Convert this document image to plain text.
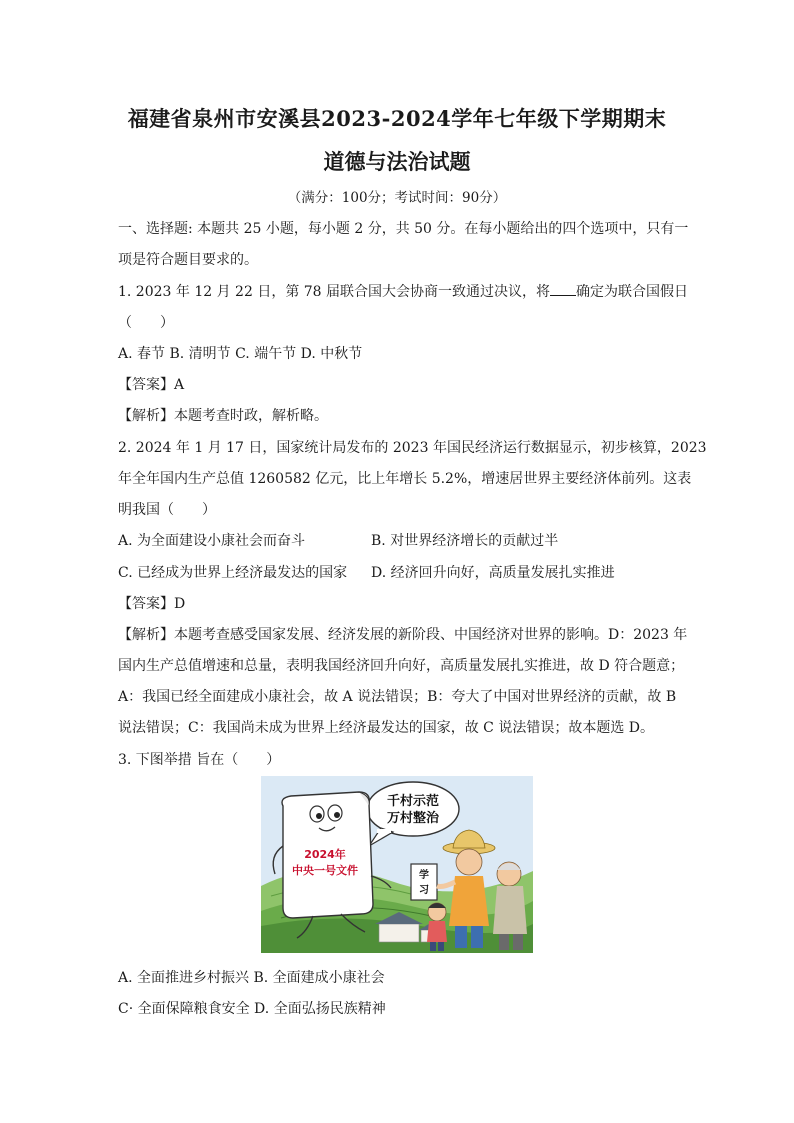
福建省泉州市安溪县2023-2024学年七年级下学期期末
道德与法治试题
（满分：100分；考试时间：90分）
一、选择题: 本题共 25 小题，每小题 2 分，共 50 分。在每小题给出的四个选项中，只有一
项是符合题目要求的。
1. 2023 年 12 月 22 日，第 78 届联合国大会协商一致通过决议，将 确定为联合国假日
（　　）
A. 春节 B. 清明节 C. 端午节 D. 中秋节
【答案】A
【解析】本题考查时政，解析略。
2. 2024 年 1 月 17 日，国家统计局发布的 2023 年国民经济运行数据显示，初步核算，2023
年全年国内生产总值 1260582 亿元，比上年增长 5.2%，增速居世界主要经济体前列。这表
明我国（　　）
A. 为全面建设小康社会而奋斗	B. 对世界经济增长的贡献过半
C. 已经成为世界上经济最发达的国家 D. 经济回升向好，高质量发展扎实推进
【答案】D
【解析】本题考查感受国家发展、经济发展的新阶段、中国经济对世界的影响。D：2023 年
国内生产总值增速和总量，表明我国经济回升向好，高质量发展扎实推进，故 D 符合题意；
A：我国已经全面建成小康社会，故 A 说法错误；B：夸大了中国对世界经济的贡献，故 B
说法错误；C：我国尚未成为世界上经济最发达的国家，故 C 说法错误；故本题选 D。
3. 下图举措 旨在（　　）
千村示范
万村整治
2024年
中央一号文件	学
习
A. 全面推进乡村振兴 B. 全面建成小康社会
C· 全面保障粮食安全 D. 全面弘扬民族精神
